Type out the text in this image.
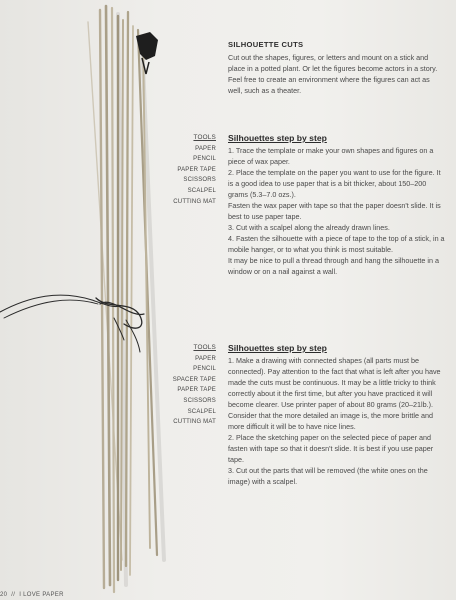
SILHOUETTE CUTS
Cut out the shapes, figures, or letters and mount on a stick and place in a potted plant. Or let the figures become actors in a story. Feel free to create an environment where the figures can act as well, such as a theater.
TOOLS
PAPER
PENCIL
PAPER TAPE
SCISSORS
SCALPEL
CUTTING MAT
Silhouettes step by step
1. Trace the template or make your own shapes and figures on a piece of wax paper.
2. Place the template on the paper you want to use for the figure. It is a good idea to use paper that is a bit thicker, about 150–200 grams (5.3–7.0 ozs.).
Fasten the wax paper with tape so that the paper doesn't slide. It is best to use paper tape.
3. Cut with a scalpel along the already drawn lines.
4. Fasten the silhouette with a piece of tape to the top of a stick, in a mobile hanger, or to what you think is most suitable.
It may be nice to pull a thread through and hang the silhouette in a window or on a nail against a wall.
TOOLS
PAPER
PENCIL
SPACER TAPE
PAPER TAPE
SCISSORS
SCALPEL
CUTTING MAT
Silhouettes step by step
1. Make a drawing with connected shapes (all parts must be connected). Pay attention to the fact that what is left after you have made the cuts must be continuous. It may be a little tricky to think correctly about it the first time, but after you have practiced it will become clearer. Use printer paper of about 80 grams (20–21lb.). Consider that the more detailed an image is, the more brittle and more difficult it will be to have nice lines.
2. Place the sketching paper on the selected piece of paper and fasten with tape so that it doesn't slide. It is best if you use paper tape.
3. Cut out the parts that will be removed (the white ones on the image) with a scalpel.
20 // I LOVE PAPER
